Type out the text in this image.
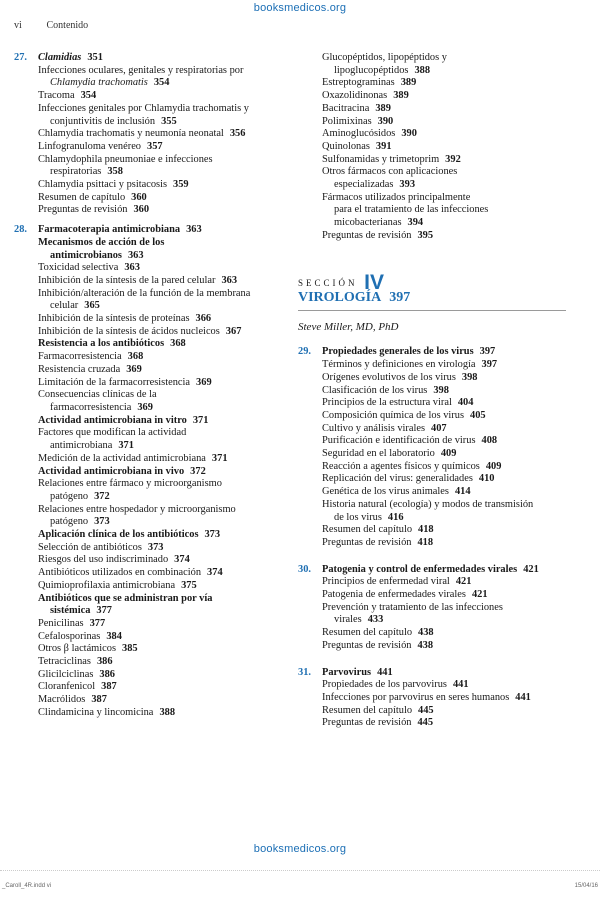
booksmedicos.org
vi Contenido
27.	Clamidias 351
Infecciones oculares, genitales y respiratorias por
Chlamydia trachomatis 354
Tracoma 354
Infecciones genitales por Chlamydia trachomatis y
conjuntivitis de inclusión 355
Chlamydia trachomatis y neumonía neonatal 356
Linfogranuloma venéreo 357
Chlamydophila pneumoniae e infecciones
respiratorias 358
Chlamydia psittaci y psitacosis 359
Resumen de capítulo 360
Preguntas de revisión 360
28.	Farmacoterapia antimicrobiana 363
Mecanismos de acción de los
antimicrobianos 363
Toxicidad selectiva 363
Inhibición de la síntesis de la pared celular 363
Inhibición/alteración de la función de la membrana
celular 365
Inhibición de la síntesis de proteínas 366
Inhibición de la síntesis de ácidos nucleicos 367
Resistencia a los antibióticos 368
Farmacorresistencia 368
Resistencia cruzada 369
Limitación de la farmacorresistencia 369
Consecuencias clínicas de la
farmacorresistencia 369
Actividad antimicrobiana in vitro 371
Factores que modifican la actividad
antimicrobiana 371
Medición de la actividad antimicrobiana 371
Actividad antimicrobiana in vivo 372
Relaciones entre fármaco y microorganismo
patógeno 372
Relaciones entre hospedador y microorganismo
patógeno 373
Aplicación clínica de los antibióticos 373
Selección de antibióticos 373
Riesgos del uso indiscriminado 374
Antibióticos utilizados en combinación 374
Quimioprofilaxia antimicrobiana 375
Antibióticos que se administran por vía
sistémica 377
Penicilinas 377
Cefalosporinas 384
Otros β lactámicos 385
Tetraciclinas 386
Glicilciclinas 386
Cloranfenicol 387
Macrólidos 387
Clindamicina y lincomicina 388
Glucopéptidos, lipopéptidos y
lipoglucopéptidos 388
Estreptograminas 389
Oxazolidinonas 389
Bacitracina 389
Polimixinas 390
Aminoglucósidos 390
Quinolonas 391
Sulfonamidas y trimetoprim 392
Otros fármacos con aplicaciones
especializadas 393
Fármacos utilizados principalmente
para el tratamiento de las infecciones
micobacterianas 394
Preguntas de revisión 395
SECCIÓN IV
VIROLOGÍA 397
Steve Miller, MD, PhD
29.	Propiedades generales de los virus 397
Términos y definiciones en virología 397
Orígenes evolutivos de los virus 398
Clasificación de los virus 398
Principios de la estructura viral 404
Composición química de los virus 405
Cultivo y análisis virales 407
Purificación e identificación de virus 408
Seguridad en el laboratorio 409
Reacción a agentes físicos y químicos 409
Replicación del virus: generalidades 410
Genética de los virus animales 414
Historia natural (ecología) y modos de transmisión
de los virus 416
Resumen del capítulo 418
Preguntas de revisión 418
30.	Patogenia y control de enfermedades virales 421
Principios de enfermedad viral 421
Patogenia de enfermedades virales 421
Prevención y tratamiento de las infecciones
virales 433
Resumen del capítulo 438
Preguntas de revisión 438
31.	Parvovirus 441
Propiedades de los parvovirus 441
Infecciones por parvovirus en seres humanos 441
Resumen del capítulo 445
Preguntas de revisión 445
booksmedicos.org
_Caroll_4R.indd vi	15/04/16
